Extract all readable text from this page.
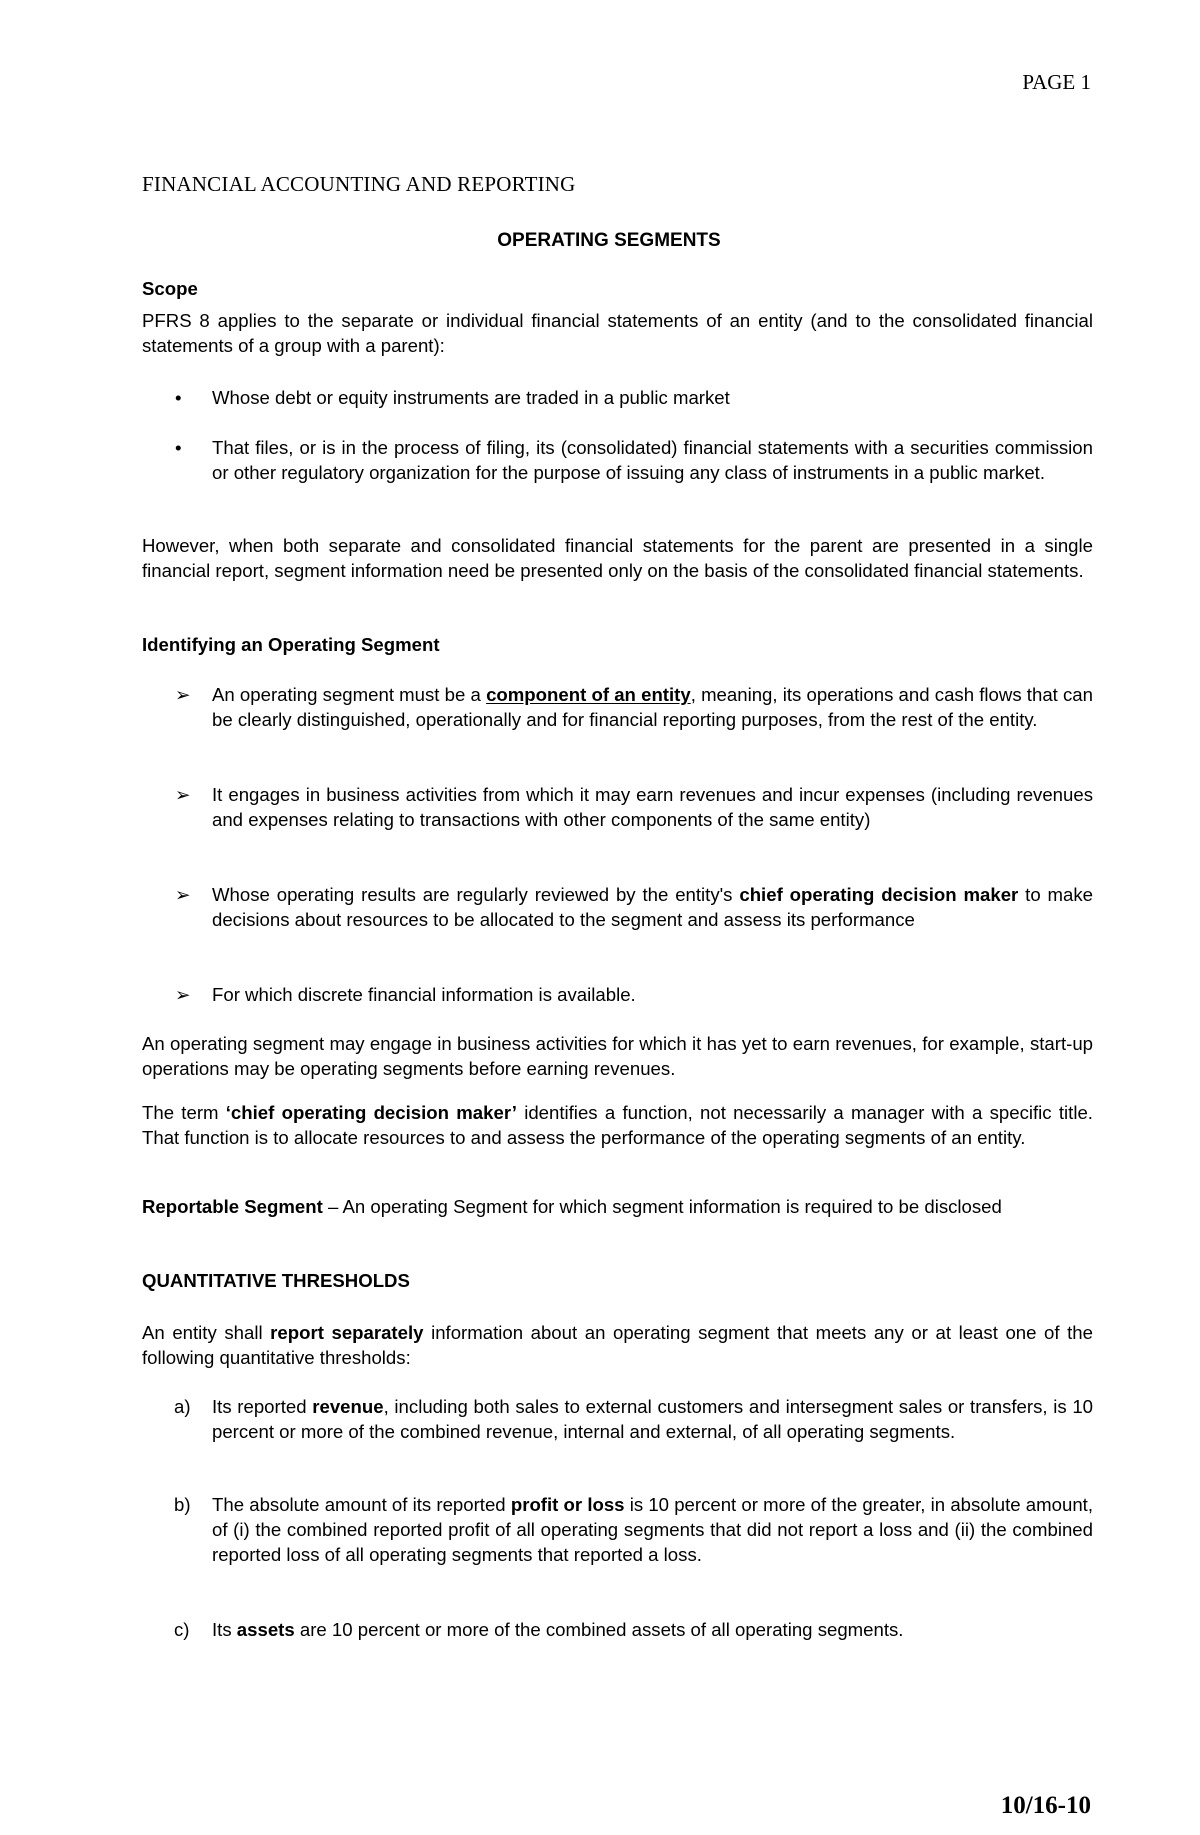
PAGE 1
FINANCIAL ACCOUNTING AND REPORTING
OPERATING SEGMENTS
Scope
PFRS 8 applies to the separate or individual financial statements of an entity (and to the consolidated financial statements of a group with a parent):
• Whose debt or equity instruments are traded in a public market
• That files, or is in the process of filing, its (consolidated) financial statements with a securities commission or other regulatory organization for the purpose of issuing any class of instruments in a public market.
However, when both separate and consolidated financial statements for the parent are presented in a single financial report, segment information need be presented only on the basis of the consolidated financial statements.
Identifying an Operating Segment
➢ An operating segment must be a component of an entity, meaning, its operations and cash flows that can be clearly distinguished, operationally and for financial reporting purposes, from the rest of the entity.
➢ It engages in business activities from which it may earn revenues and incur expenses (including revenues and expenses relating to transactions with other components of the same entity)
➢ Whose operating results are regularly reviewed by the entity's chief operating decision maker to make decisions about resources to be allocated to the segment and assess its performance
➢ For which discrete financial information is available.
An operating segment may engage in business activities for which it has yet to earn revenues, for example, start-up operations may be operating segments before earning revenues.
The term ‘chief operating decision maker’ identifies a function, not necessarily a manager with a specific title. That function is to allocate resources to and assess the performance of the operating segments of an entity.
Reportable Segment – An operating Segment for which segment information is required to be disclosed
QUANTITATIVE THRESHOLDS
An entity shall report separately information about an operating segment that meets any or at least one of the following quantitative thresholds:
a) Its reported revenue, including both sales to external customers and intersegment sales or transfers, is 10 percent or more of the combined revenue, internal and external, of all operating segments.
b) The absolute amount of its reported profit or loss is 10 percent or more of the greater, in absolute amount, of (i) the combined reported profit of all operating segments that did not report a loss and (ii) the combined reported loss of all operating segments that reported a loss.
c) Its assets are 10 percent or more of the combined assets of all operating segments.
10/16-10
